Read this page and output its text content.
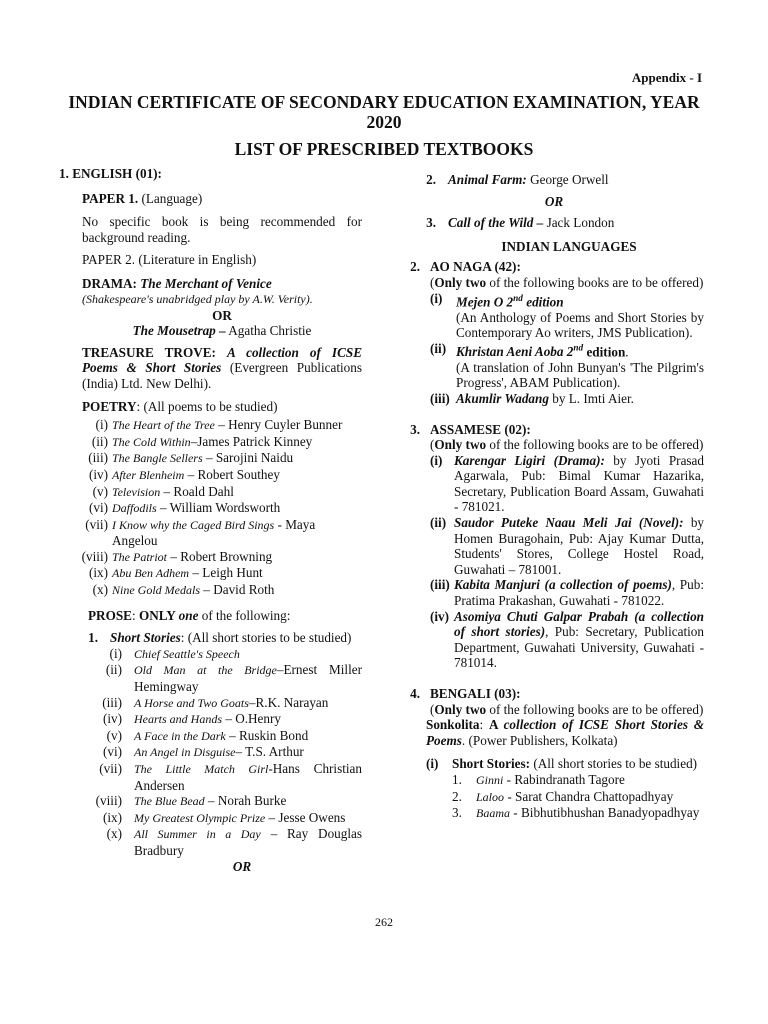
Appendix - I
INDIAN CERTIFICATE OF SECONDARY EDUCATION EXAMINATION, YEAR 2020
LIST OF PRESCRIBED TEXTBOOKS

1. ENGLISH (01):

PAPER 1. (Language)

No specific book is being recommended for background reading.

PAPER 2. (Literature in English)

DRAMA: The Merchant of Venice

(Shakespeare's unabridged play by A.W. Verity).

OR

The Mousetrap – Agatha Christie

TREASURE TROVE: A collection of ICSE Poems & Short Stories (Evergreen Publications (India) Ltd. New Delhi).

POETRY: (All poems to be studied)

(i) The Heart of the Tree – Henry Cuyler Bunner
(ii) The Cold Within–James Patrick Kinney
(iii) The Bangle Sellers – Sarojini Naidu
(iv) After Blenheim – Robert Southey
(v) Television – Roald Dahl
(vi) Daffodils – William Wordsworth
(vii) I Know why the Caged Bird Sings - Maya Angelou
(viii) The Patriot – Robert Browning
(ix) Abu Ben Adhem – Leigh Hunt
(x) Nine Gold Medals – David Roth

PROSE: ONLY one of the following:

1. Short Stories: (All short stories to be studied)
(i)	Chief Seattle's Speech
(ii)	Old Man at the Bridge–Ernest Miller Hemingway
(iii)	A Horse and Two Goats–R.K. Narayan
(iv)	Hearts and Hands – O.Henry
(v)	A Face in the Dark – Ruskin Bond
(vi)	An Angel in Disguise– T.S. Arthur
(vii)	The Little Match Girl-Hans Christian Andersen
(viii)	The Blue Bead – Norah Burke
(ix)	My Greatest Olympic Prize – Jesse Owens
(x)	All Summer in a Day – Ray Douglas Bradbury

OR

2. Animal Farm: George Orwell

OR

3. Call of the Wild – Jack London

INDIAN LANGUAGES

2. AO NAGA (42):

(Only two of the following books are to be offered)

(i)	Mejen O 2nd edition

(An Anthology of Poems and Short Stories by Contemporary Ao writers, JMS Publication).

(ii) Khristan Aeni Aoba 2nd edition.

(A translation of John Bunyan's 'The Pilgrim's Progress', ABAM Publication).

(iii) Akumlir Wadang by L. Imti Aier.
3. ASSAMESE (02):

(Only two of the following books are to be offered)

(i) Karengar Ligiri (Drama): by Jyoti Prasad Agarwala, Pub: Bimal Kumar Hazarika, Secretary, Publication Board Assam, Guwahati - 781021.
(ii) Saudor Puteke Naau Meli Jai (Novel): by Homen Buragohain, Pub: Ajay Kumar Dutta, Students' Stores, College Hostel Road, Guwahati – 781001.
(iii) Kabita Manjuri (a collection of poems), Pub: Pratima Prakashan, Guwahati - 781022.
(iv) Asomiya Chuti Galpar Prabah (a collection of short stories), Pub: Secretary, Publication Department, Guwahati University, Guwahati - 781014.
4. BENGALI (03):

(Only two of the following books are to be offered)

Sonkolita: A collection of ICSE Short Stories & Poems. (Power Publishers, Kolkata)

(i)	Short Stories: (All short stories to be studied)
1.	Ginni - Rabindranath Tagore
2.	Laloo - Sarat Chandra Chattopadhyay
3.	Baama - Bibhutibhushan Banadyopadhyay
262
